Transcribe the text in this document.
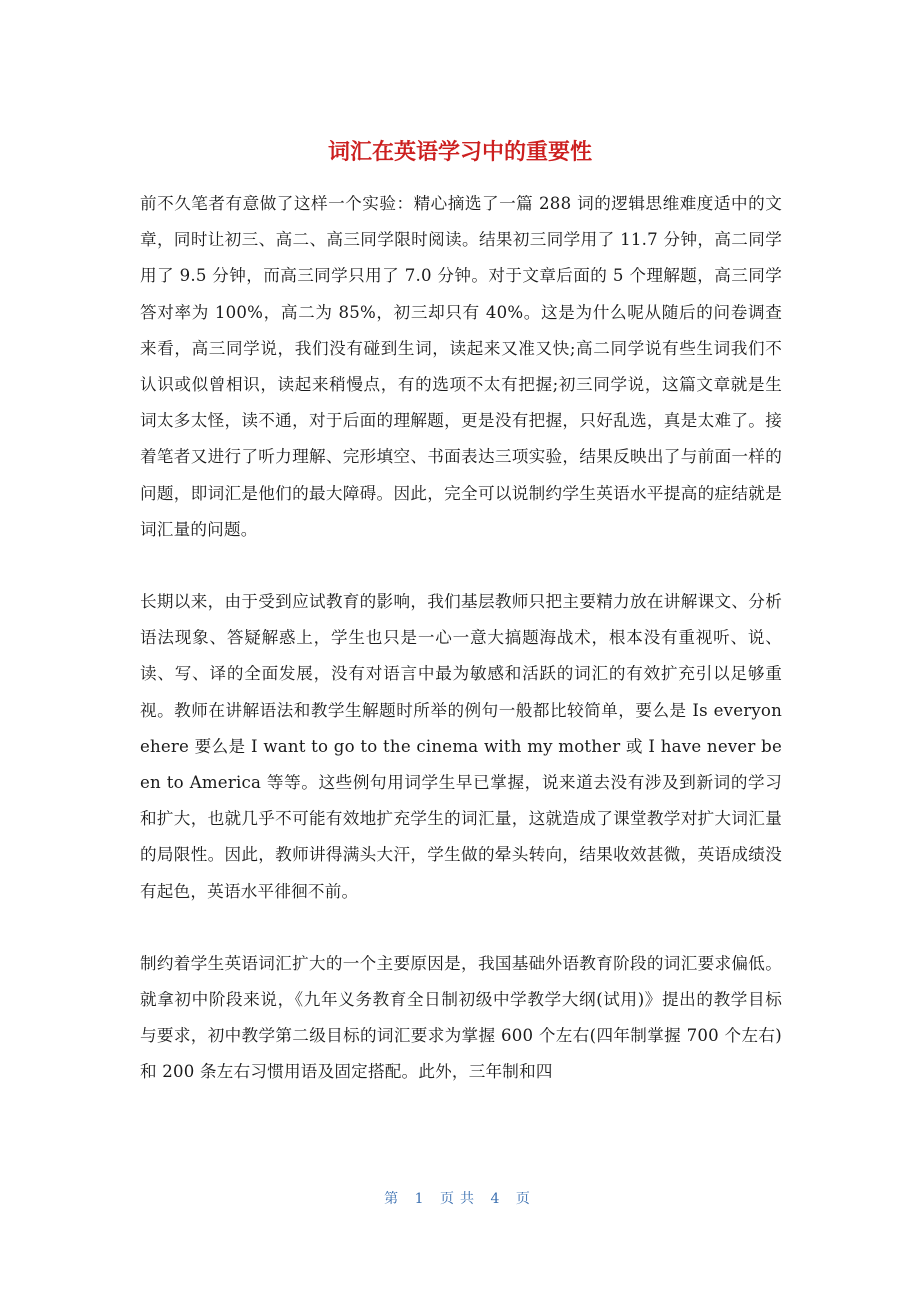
词汇在英语学习中的重要性

前不久笔者有意做了这样一个实验：精心摘选了一篇 288 词的逻辑思维难度适中的文章，同时让初三、高二、高三同学限时阅读。结果初三同学用了 11.7 分钟，高二同学用了 9.5 分钟，而高三同学只用了 7.0 分钟。对于文章后面的 5 个理解题，高三同学答对率为 100%，高二为 85%，初三却只有 40%。这是为什么呢从随后的问卷调查来看，高三同学说，我们没有碰到生词，读起来又准又快;高二同学说有些生词我们不认识或似曾相识，读起来稍慢点，有的选项不太有把握;初三同学说，这篇文章就是生词太多太怪，读不通，对于后面的理解题，更是没有把握，只好乱选，真是太难了。接着笔者又进行了听力理解、完形填空、书面表达三项实验，结果反映出了与前面一样的问题，即词汇是他们的最大障碍。因此，完全可以说制约学生英语水平提高的症结就是词汇量的问题。

长期以来，由于受到应试教育的影响，我们基层教师只把主要精力放在讲解课文、分析语法现象、答疑解惑上，学生也只是一心一意大搞题海战术，根本没有重视听、说、读、写、译的全面发展，没有对语言中最为敏感和活跃的词汇的有效扩充引以足够重视。教师在讲解语法和教学生解题时所举的例句一般都比较简单，要么是 Is everyonehere 要么是 I want to go to the cinema with my mother 或 I have never been to America 等等。这些例句用词学生早已掌握，说来道去没有涉及到新词的学习和扩大，也就几乎不可能有效地扩充学生的词汇量，这就造成了课堂教学对扩大词汇量的局限性。因此，教师讲得满头大汗，学生做的晕头转向，结果收效甚微，英语成绩没有起色，英语水平徘徊不前。

制约着学生英语词汇扩大的一个主要原因是，我国基础外语教育阶段的词汇要求偏低。就拿初中阶段来说，《九年义务教育全日制初级中学教学大纲(试用)》提出的教学目标与要求，初中教学第二级目标的词汇要求为掌握 600 个左右(四年制掌握 700 个左右)和 200 条左右习惯用语及固定搭配。此外，三年制和四

第 1 页共 4 页
